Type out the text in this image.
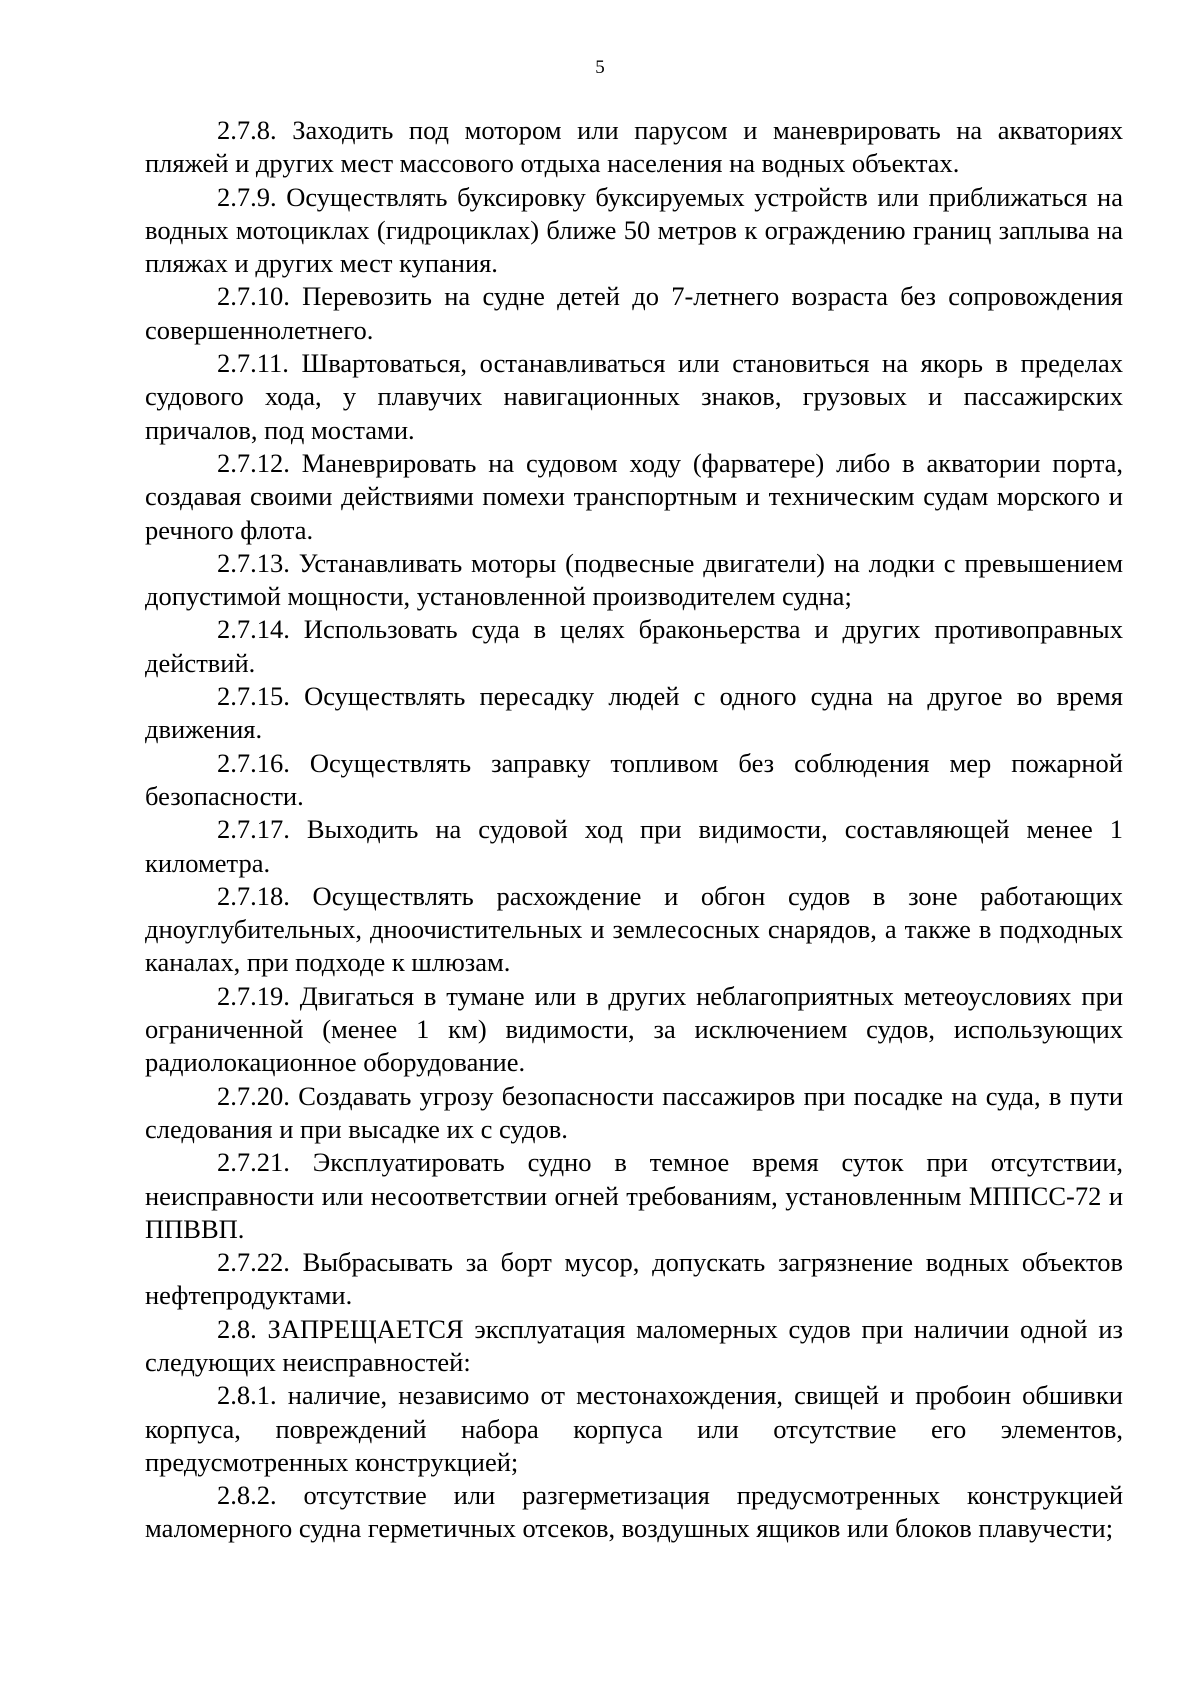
5

2.7.8. Заходить под мотором или парусом и маневрировать на акваториях пляжей и других мест массового отдыха населения на водных объектах.

2.7.9. Осуществлять буксировку буксируемых устройств или приближаться на водных мотоциклах (гидроциклах) ближе 50 метров к ограждению границ заплыва на пляжах и других мест купания.

2.7.10. Перевозить на судне детей до 7-летнего возраста без сопровождения совершеннолетнего.

2.7.11. Швартоваться, останавливаться или становиться на якорь в пределах судового хода, у плавучих навигационных знаков, грузовых и пассажирских причалов, под мостами.

2.7.12. Маневрировать на судовом ходу (фарватере) либо в акватории порта, создавая своими действиями помехи транспортным и техническим судам морского и речного флота.

2.7.13. Устанавливать моторы (подвесные двигатели) на лодки с превышением допустимой мощности, установленной производителем судна;

2.7.14. Использовать суда в целях браконьерства и других противоправных действий.

2.7.15. Осуществлять пересадку людей с одного судна на другое во время движения.

2.7.16. Осуществлять заправку топливом без соблюдения мер пожарной безопасности.

2.7.17. Выходить на судовой ход при видимости, составляющей менее 1 километра.

2.7.18. Осуществлять расхождение и обгон судов в зоне работающих дноуглубительных, дноочистительных и землесосных снарядов, а также в подходных каналах, при подходе к шлюзам.

2.7.19. Двигаться в тумане или в других неблагоприятных метеоусловиях при ограниченной (менее 1 км) видимости, за исключением судов, использующих радиолокационное оборудование.

2.7.20. Создавать угрозу безопасности пассажиров при посадке на суда, в пути следования и при высадке их с судов.

2.7.21. Эксплуатировать судно в темное время суток при отсутствии, неисправности или несоответствии огней требованиям, установленным МППСС-72 и ППВВП.

2.7.22. Выбрасывать за борт мусор, допускать загрязнение водных объектов нефтепродуктами.

2.8. ЗАПРЕЩАЕТСЯ эксплуатация маломерных судов при наличии одной из следующих неисправностей:

2.8.1. наличие, независимо от местонахождения, свищей и пробоин обшивки корпуса, повреждений набора корпуса или отсутствие его элементов, предусмотренных конструкцией;

2.8.2. отсутствие или разгерметизация предусмотренных конструкцией маломерного судна герметичных отсеков, воздушных ящиков или блоков плавучести;
